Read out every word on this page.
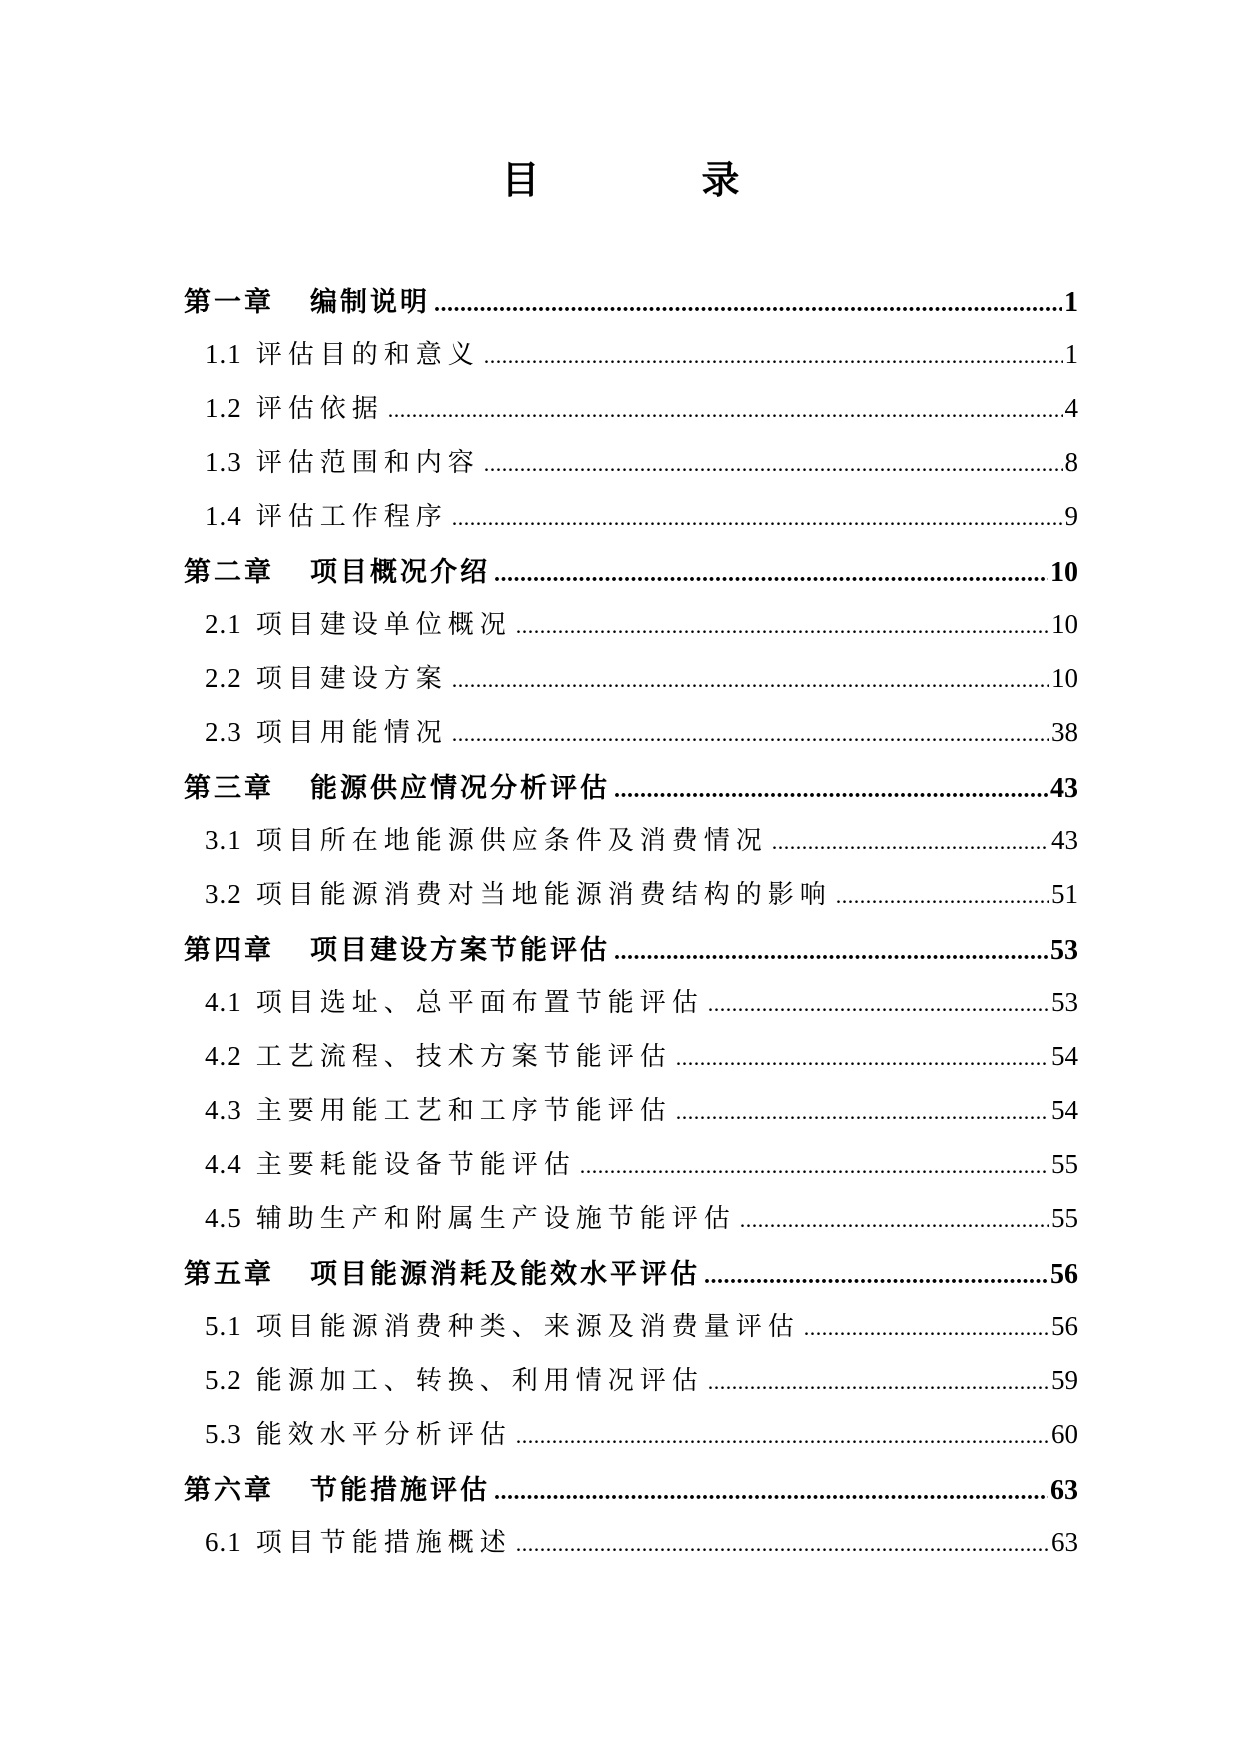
目　录
第一章 编制说明 .....	1
1.1 评估目的和意义 .....	1
1.2 评估依据 .....	4
1.3 评估范围和内容 .....	8
1.4 评估工作程序 .....	9
第二章 项目概况介绍 .....	10
2.1 项目建设单位概况 .....	10
2.2 项目建设方案 .....	10
2.3 项目用能情况 .....	38
第三章 能源供应情况分析评估 .....	43
3.1 项目所在地能源供应条件及消费情况 .....	43
3.2 项目能源消费对当地能源消费结构的影响 .....	51
第四章 项目建设方案节能评估 .....	53
4.1 项目选址、总平面布置节能评估 .....	53
4.2 工艺流程、技术方案节能评估 .....	54
4.3 主要用能工艺和工序节能评估 .....	54
4.4 主要耗能设备节能评估 .....	55
4.5 辅助生产和附属生产设施节能评估 .....	55
第五章 项目能源消耗及能效水平评估 .....	56
5.1 项目能源消费种类、来源及消费量评估 .....	56
5.2 能源加工、转换、利用情况评估 .....	59
5.3 能效水平分析评估 .....	60
第六章 节能措施评估 .....	63
6.1 项目节能措施概述 .....	63
